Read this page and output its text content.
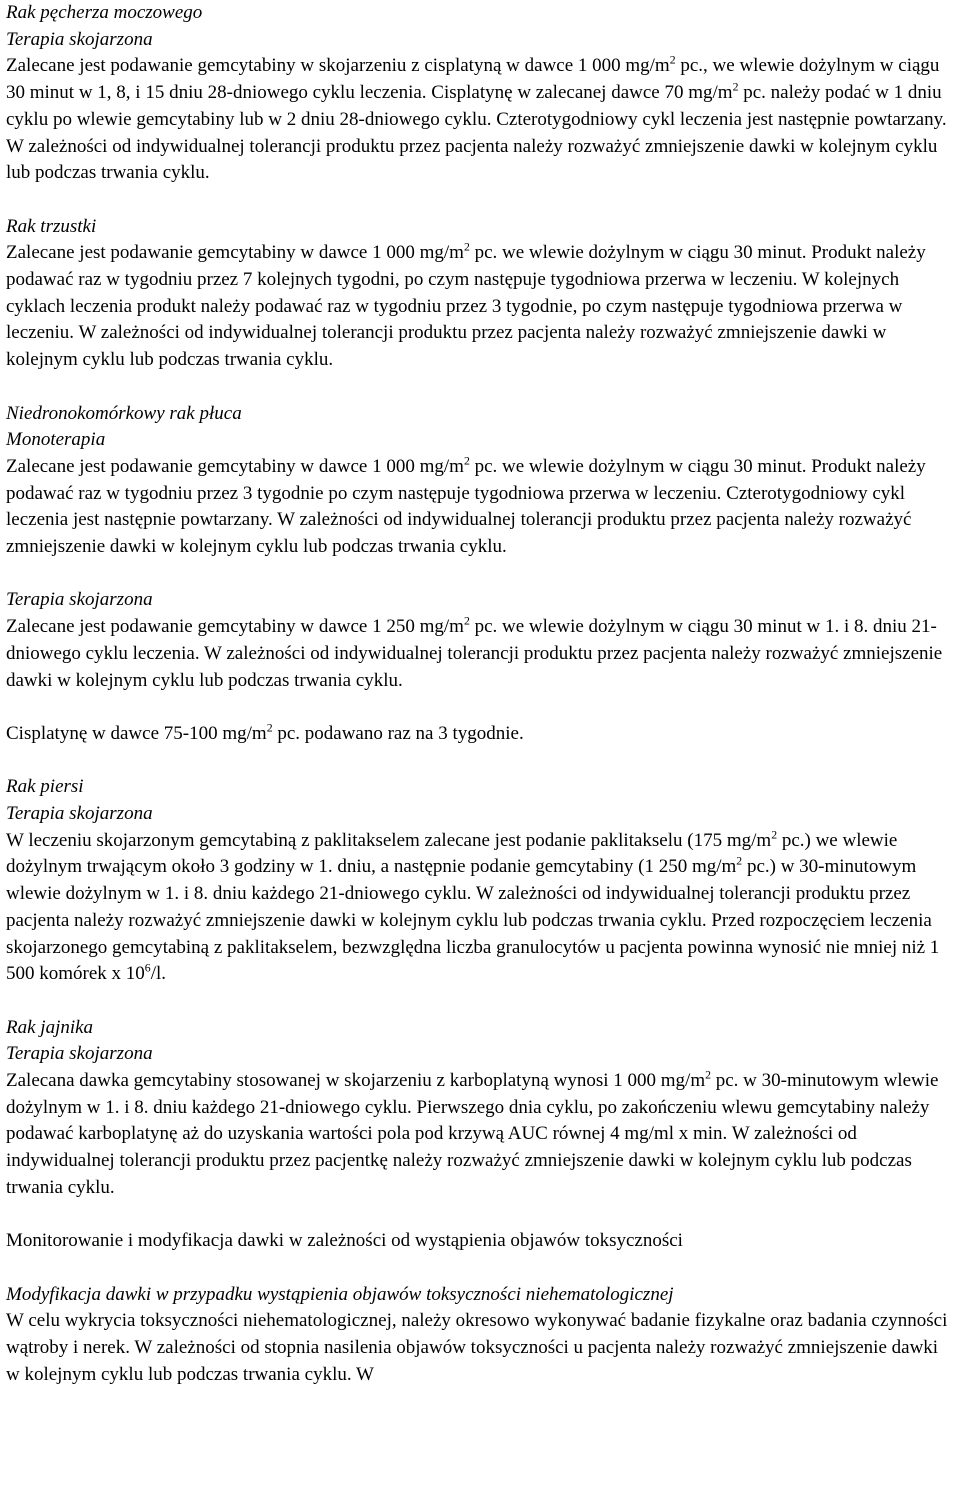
Rak pęcherza moczowego
Terapia skojarzona

Zalecane jest podawanie gemcytabiny w skojarzeniu z cisplatyną w dawce 1 000 $mg/m^2$ pc., we wlewie dożylnym w ciągu 30 minut w 1, 8, i 15 dniu 28-dniowego cyklu leczenia. Cisplatynę w zalecanej dawce 70 $mg/m^2$ pc. należy podać w 1 dniu cyklu po wlewie gemcytabiny lub w 2 dniu 28-dniowego cyklu. Czterotygodniowy cykl leczenia jest następnie powtarzany. W zależności od indywidualnej tolerancji produktu przez pacjenta należy rozważyć zmniejszenie dawki w kolejnym cyklu lub podczas trwania cyklu.

Rak trzustki

Zalecane jest podawanie gemcytabiny w dawce 1 000 $mg/m^2$ pc. we wlewie dożylnym w ciągu 30 minut. Produkt należy podawać raz w tygodniu przez 7 kolejnych tygodni, po czym następuje tygodniowa przerwa w leczeniu. W kolejnych cyklach leczenia produkt należy podawać raz w tygodniu przez 3 tygodnie, po czym następuje tygodniowa przerwa w leczeniu. W zależności od indywidualnej tolerancji produktu przez pacjenta należy rozważyć zmniejszenie dawki w kolejnym cyklu lub podczas trwania cyklu.

Niedronokomórkowy rak płuca
Monoterapia

Zalecane jest podawanie gemcytabiny w dawce 1 000 $mg/m^2$ pc. we wlewie dożylnym w ciągu 30 minut. Produkt należy podawać raz w tygodniu przez 3 tygodnie po czym następuje tygodniowa przerwa w leczeniu. Czterotygodniowy cykl leczenia jest następnie powtarzany. W zależności od indywidualnej tolerancji produktu przez pacjenta należy rozważyć zmniejszenie dawki w kolejnym cyklu lub podczas trwania cyklu.

Terapia skojarzona

Zalecane jest podawanie gemcytabiny w dawce 1 250 $mg/m^2$ pc. we wlewie dożylnym w ciągu 30 minut w 1. i 8. dniu 21-dniowego cyklu leczenia. W zależności od indywidualnej tolerancji produktu przez pacjenta należy rozważyć zmniejszenie dawki w kolejnym cyklu lub podczas trwania cyklu.

Cisplatynę w dawce 75-100 $mg/m^2$ pc. podawano raz na 3 tygodnie.

Rak piersi
Terapia skojarzona

W leczeniu skojarzonym gemcytabiną z paklitakselem zalecane jest podanie paklitakselu (175 $mg/m^2$ pc.) we wlewie dożylnym trwającym około 3 godziny w 1. dniu, a następnie podanie gemcytabiny (1 250 $mg/m^2$ pc.) w 30-minutowym wlewie dożylnym w 1. i 8. dniu każdego 21-dniowego cyklu. W zależności od indywidualnej tolerancji produktu przez pacjenta należy rozważyć zmniejszenie dawki w kolejnym cyklu lub podczas trwania cyklu. Przed rozpoczęciem leczenia skojarzonego gemcytabiną z paklitakselem, bezwzględna liczba granulocytów u pacjenta powinna wynosić nie mniej niż 1 500 komórek x $10^6/l$.

Rak jajnika
Terapia skojarzona

Zalecana dawka gemcytabiny stosowanej w skojarzeniu z karboplatyną wynosi 1 000 $mg/m^2$ pc. w 30-minutowym wlewie dożylnym w 1. i 8. dniu każdego 21-dniowego cyklu. Pierwszego dnia cyklu, po zakończeniu wlewu gemcytabiny należy podawać karboplatynę aż do uzyskania wartości pola pod krzywą AUC równej 4 mg/ml x min. W zależności od indywidualnej tolerancji produktu przez pacjentkę należy rozważyć zmniejszenie dawki w kolejnym cyklu lub podczas trwania cyklu.

Monitorowanie i modyfikacja dawki w zależności od wystąpienia objawów toksyczności
Modyfikacja dawki w przypadku wystąpienia objawów toksyczności niehematologicznej

W celu wykrycia toksyczności niehematologicznej, należy okresowo wykonywać badanie fizykalne oraz badania czynności wątroby i nerek. W zależności od stopnia nasilenia objawów toksyczności u pacjenta należy rozważyć zmniejszenie dawki w kolejnym cyklu lub podczas trwania cyklu. W
